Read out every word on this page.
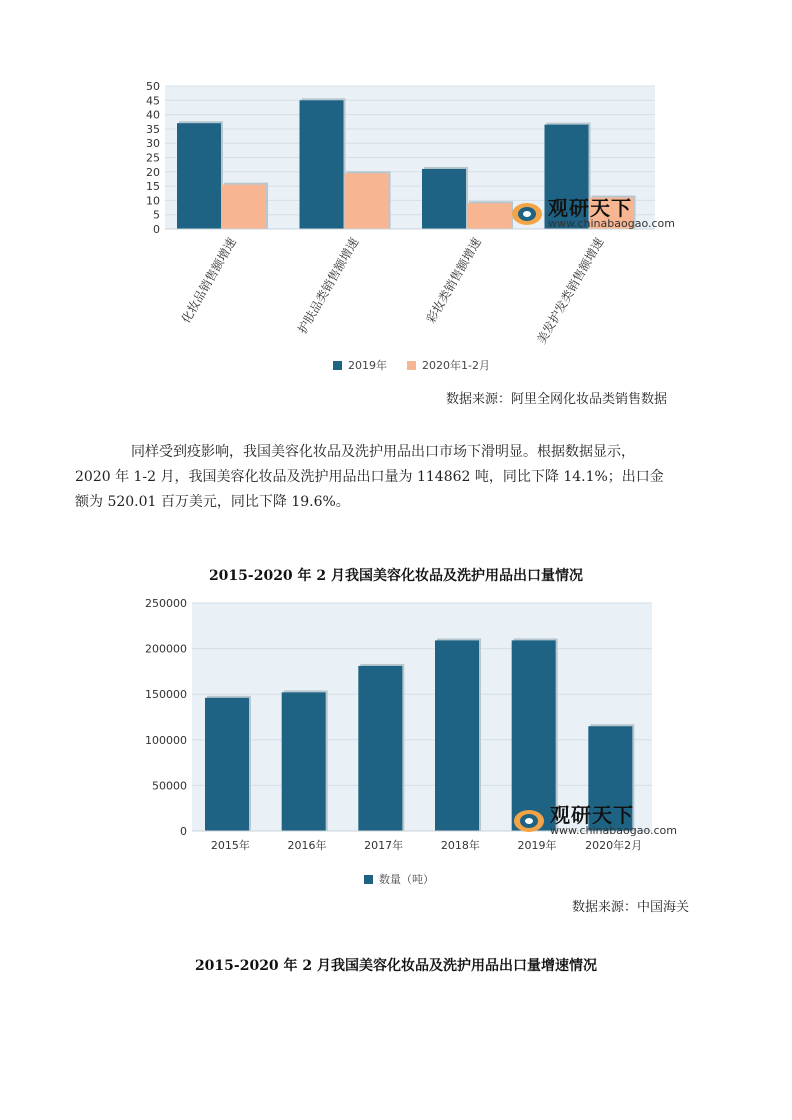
0
5
10
15
20
25
30
35
40
45
50
化妆品销售额增速	护肤品类销售额增速	彩妆类销售额增速	美发护发类销售额增速
2019年	2020年1-2月
观研天下
www.chinabaogao.com
数据来源：阿里全网化妆品类销售数据
同样受到疫影响，我国美容化妆品及洗护用品出口市场下滑明显。根据数据显示，
2020 年 1-2 月，我国美容化妆品及洗护用品出口量为 114862 吨，同比下降 14.1%；出口金
额为 520.01 百万美元，同比下降 19.6%。
2015-2020 年 2 月我国美容化妆品及洗护用品出口量情况
0
50000
100000
150000
200000
250000
2015年	2016年	2017年	2018年	2019年	2020年2月
数量（吨）
观研天下
www.chinabaogao.com
数据来源：中国海关
2015-2020 年 2 月我国美容化妆品及洗护用品出口量增速情况
